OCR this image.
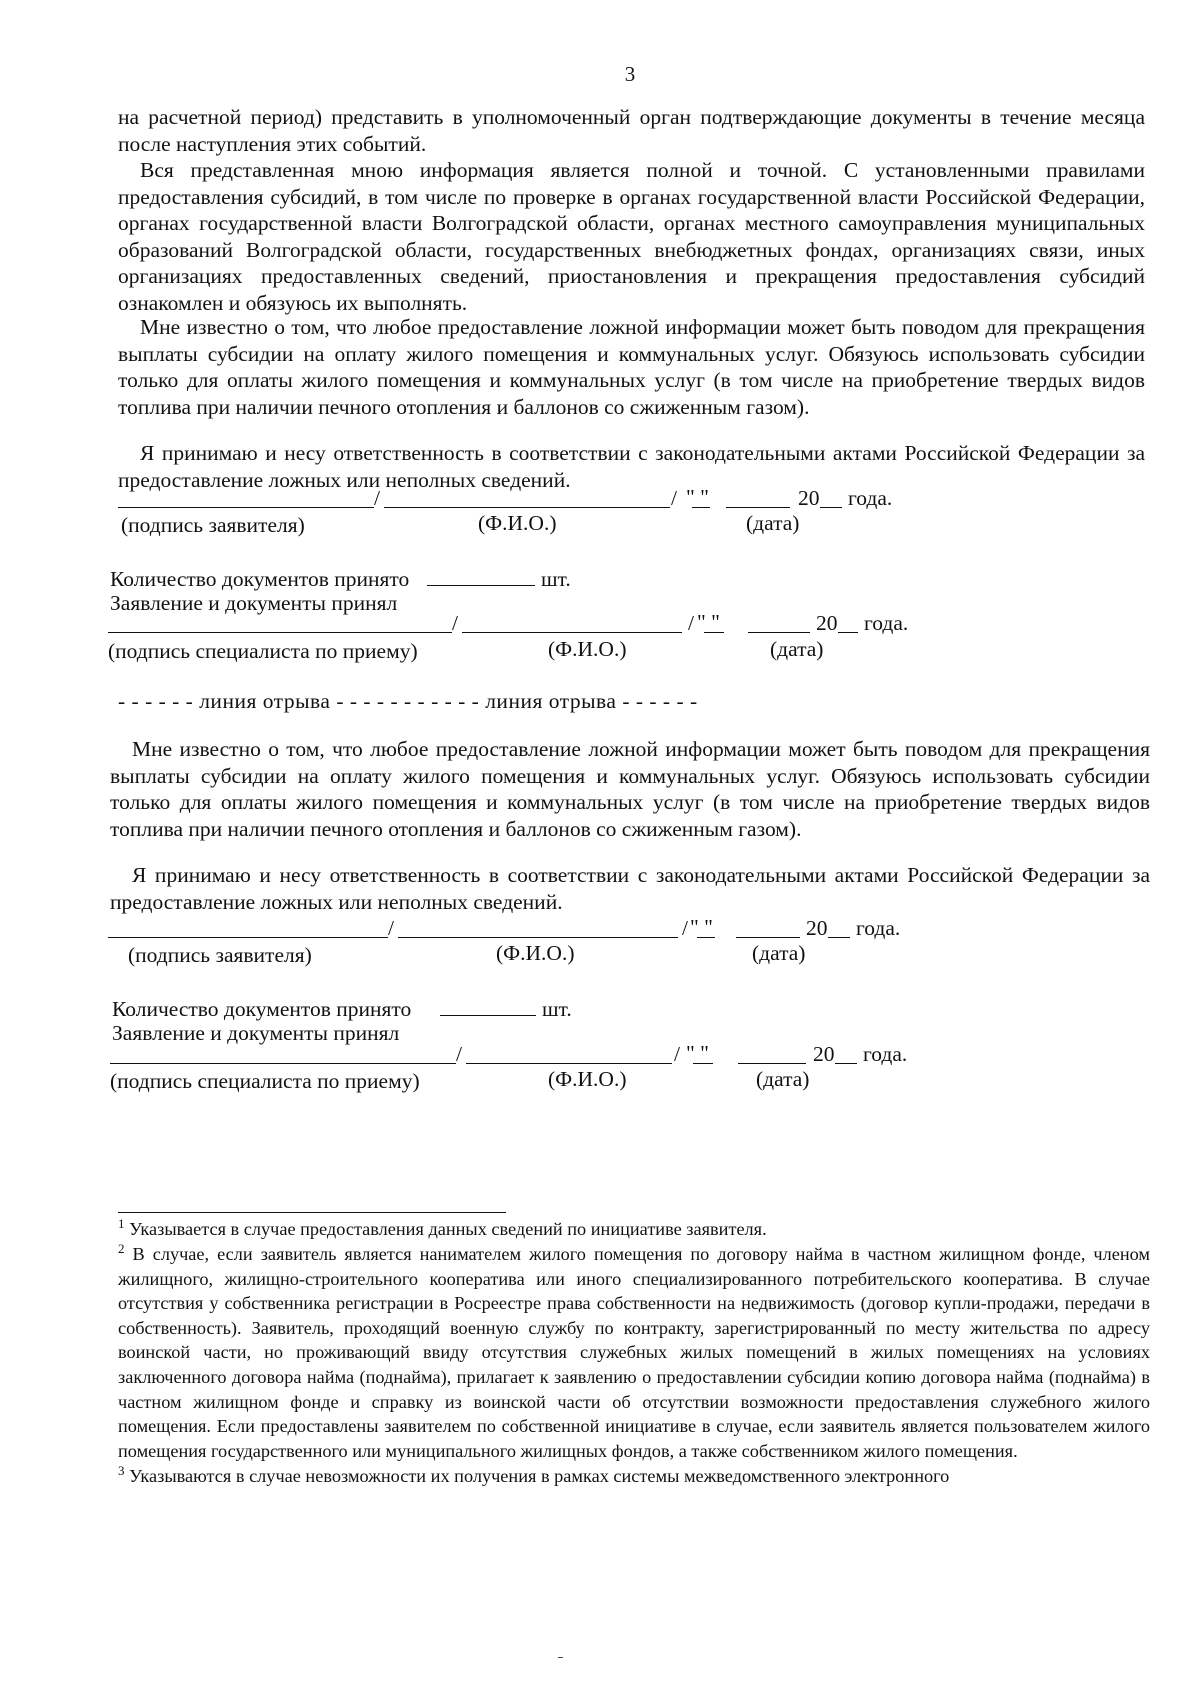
3

на расчетной период) представить в уполномоченный орган подтверждающие документы в течение месяца после наступления этих событий.

Вся представленная мною информация является полной и точной. С установленными правилами предоставления субсидий, в том числе по проверке в органах государственной власти Российской Федерации, органах государственной власти Волгоградской области, органах местного самоуправления муниципальных образований Волгоградской области, государственных внебюджетных фондах, организациях связи, иных организациях предоставленных сведений, приостановления и прекращения предоставления субсидий ознакомлен и обязуюсь их выполнять.

Мне известно о том, что любое предоставление ложной информации может быть поводом для прекращения выплаты субсидии на оплату жилого помещения и коммунальных услуг. Обязуюсь использовать субсидии только для оплаты жилого помещения и коммунальных услуг (в том числе на приобретение твердых видов топлива при наличии печного отопления и баллонов со сжиженным газом).

Я принимаю и несу ответственность в соответствии с законодательными актами Российской Федерации за предоставление ложных или неполных сведений.

/	/ " "	20 года.
(подпись заявителя)	(Ф.И.О.)	(дата)
Количество документов принято	шт.
Заявление и документы принял
/	/ " "	20 года.
(подпись специалиста по приему)	(Ф.И.О.)	(дата)
- - - - - - линия отрыва - - - - - - - - - - - линия отрыва - - - - - -

Мне известно о том, что любое предоставление ложной информации может быть поводом для прекращения выплаты субсидии на оплату жилого помещения и коммунальных услуг. Обязуюсь использовать субсидии только для оплаты жилого помещения и коммунальных услуг (в том числе на приобретение твердых видов топлива при наличии печного отопления и баллонов со сжиженным газом).

Я принимаю и несу ответственность в соответствии с законодательными актами Российской Федерации за предоставление ложных или неполных сведений.

/	/ " "	20 года.
(подпись заявителя)	(Ф.И.О.)	(дата)
Количество документов принято	шт.
Заявление и документы принял
/	/ " "	20 года.
(подпись специалиста по приему)	(Ф.И.О.)	(дата)

$^1$ Указывается в случае предоставления данных сведений по инициативе заявителя.

$^2$ В случае, если заявитель является нанимателем жилого помещения по договору найма в частном жилищном фонде, членом жилищного, жилищно-строительного кооператива или иного специализированного потребительского кооператива. В случае отсутствия у собственника регистрации в Росреестре права собственности на недвижимость (договор купли-продажи, передачи в собственность). Заявитель, проходящий военную службу по контракту, зарегистрированный по месту жительства по адресу воинской части, но проживающий ввиду отсутствия служебных жилых помещений в жилых помещениях на условиях заключенного договора найма (поднайма), прилагает к заявлению о предоставлении субсидии копию договора найма (поднайма) в частном жилищном фонде и справку из воинской части об отсутствии возможности предоставления служебного жилого помещения. Если предоставлены заявителем по собственной инициативе в случае, если заявитель является пользователем жилого помещения государственного или муниципального жилищных фондов, а также собственником жилого помещения.

$^3$ Указываются в случае невозможности их получения в рамках системы межведомственного электронного
